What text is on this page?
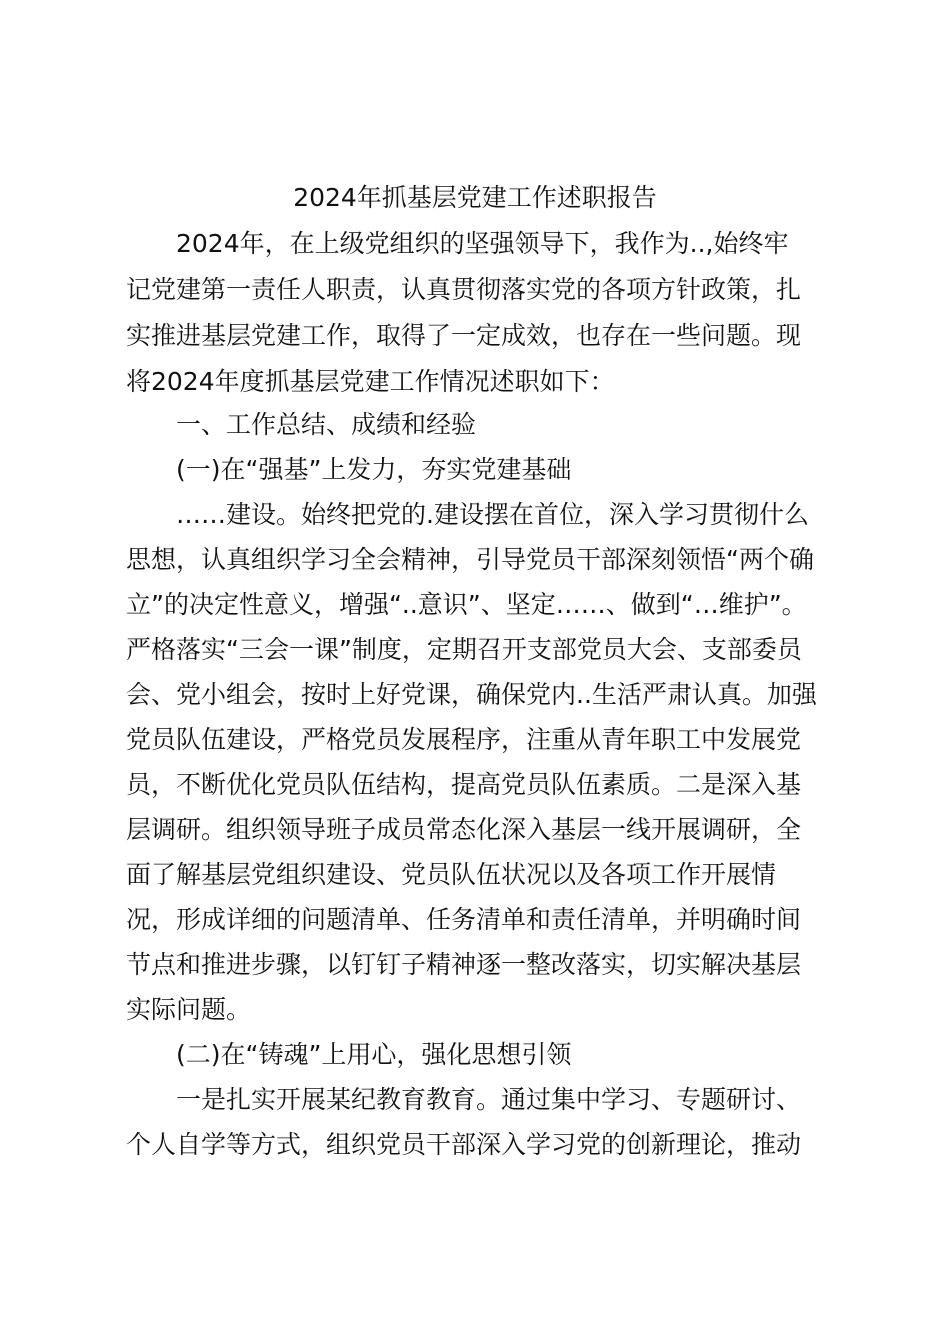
2024年抓基层党建工作述职报告
2024年，在上级党组织的坚强领导下，我作为..,始终牢
记党建第一责任人职责，认真贯彻落实党的各项方针政策，扎
实推进基层党建工作，取得了一定成效，也存在一些问题。现
将2024年度抓基层党建工作情况述职如下：
一、工作总结、成绩和经验
(一)在“强基”上发力，夯实党建基础
……建设。始终把党的.建设摆在首位，深入学习贯彻什么
思想，认真组织学习全会精神，引导党员干部深刻领悟“两个确
立”的决定性意义，增强“..意识”、坚定……、做到“…维护”。
严格落实“三会一课”制度，定期召开支部党员大会、支部委员
会、党小组会，按时上好党课，确保党内..生活严肃认真。加强
党员队伍建设，严格党员发展程序，注重从青年职工中发展党
员，不断优化党员队伍结构，提高党员队伍素质。二是深入基
层调研。组织领导班子成员常态化深入基层一线开展调研，全
面了解基层党组织建设、党员队伍状况以及各项工作开展情
况，形成详细的问题清单、任务清单和责任清单，并明确时间
节点和推进步骤，以钉钉子精神逐一整改落实，切实解决基层
实际问题。
(二)在“铸魂”上用心，强化思想引领
一是扎实开展某纪教育教育。通过集中学习、专题研讨、
个人自学等方式，组织党员干部深入学习党的创新理论，推动
